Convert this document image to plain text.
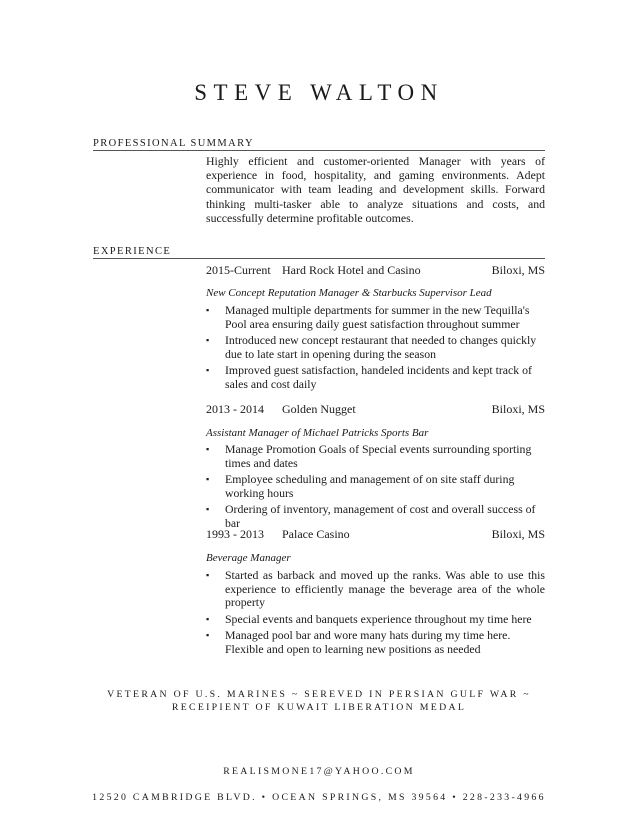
STEVE WALTON
PROFESSIONAL SUMMARY

Highly efficient and customer-oriented Manager with years of experience in food, hospitality, and gaming environments. Adept communicator with team leading and development skills. Forward thinking multi-tasker able to analyze situations and costs, and successfully determine profitable outcomes.

EXPERIENCE
2015-Current Hard Rock Hotel and Casino	Biloxi, MS
New Concept Reputation Manager & Starbucks Supervisor Lead
▪ Managed multiple departments for summer in the new Tequilla's Pool area ensuring daily guest satisfaction throughout summer
▪ Introduced new concept restaurant that needed to changes quickly due to late start in opening during the season
▪ Improved guest satisfaction, handeled incidents and kept track of sales and cost daily
2013 - 2014 Golden Nugget	Biloxi, MS
Assistant Manager of Michael Patricks Sports Bar
▪ Manage Promotion Goals of Special events surrounding sporting times and dates
▪ Employee scheduling and management of on site staff during working hours
▪ Ordering of inventory, management of cost and overall success of bar
1993 - 2013 Palace Casino	Biloxi, MS
Beverage Manager
▪ Started as barback and moved up the ranks. Was able to use this experience to efficiently manage the beverage area of the whole property
▪ Special events and banquets experience throughout my time here
▪ Managed pool bar and wore many hats during my time here. Flexible and open to learning new positions as needed

VETERAN OF U.S. MARINES ~ SEREVED IN PERSIAN GULF WAR ~ RECEIPIENT OF KUWAIT LIBERATION MEDAL

REALISMONE17@YAHOO.COM
12520 CAMBRIDGE BLVD. • OCEAN SPRINGS, MS 39564 • 228-233-4966
